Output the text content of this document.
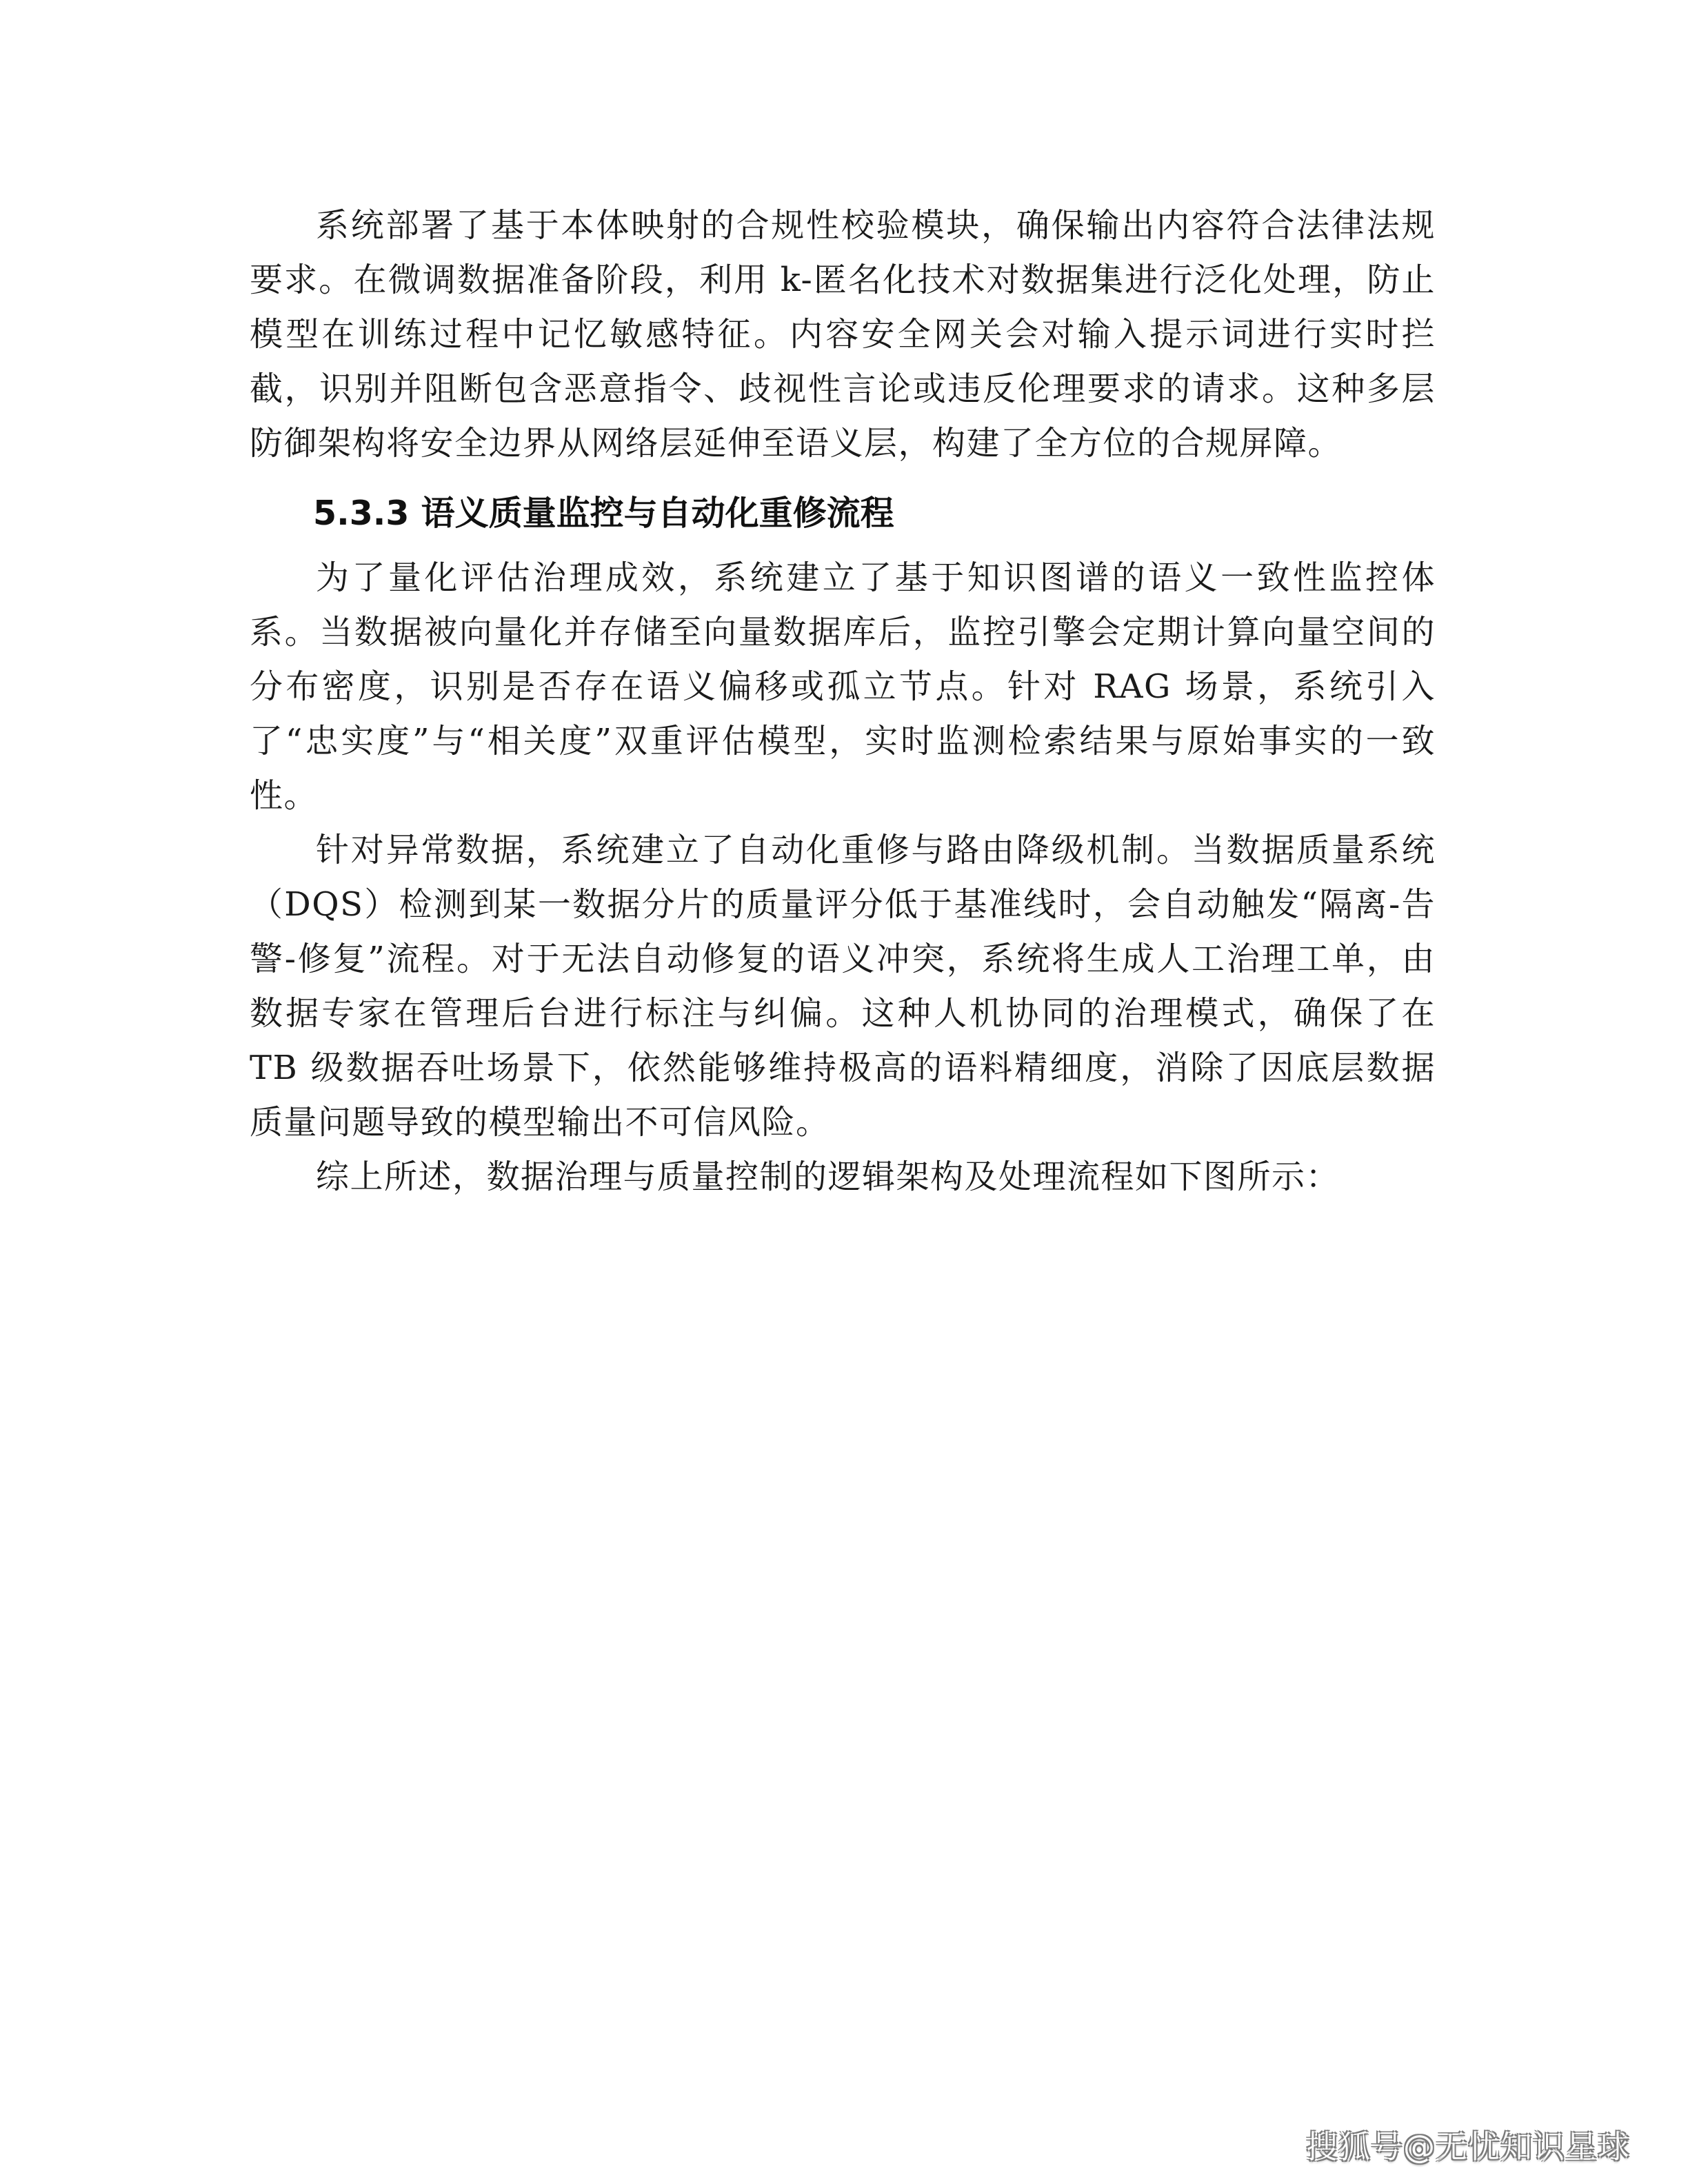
系统部署了基于本体映射的合规性校验模块，确保输出内容符合法律法规要求。在微调数据准备阶段，利用 k-匿名化技术对数据集进行泛化处理，防止模型在训练过程中记忆敏感特征。内容安全网关会对输入提示词进行实时拦截，识别并阻断包含恶意指令、歧视性言论或违反伦理要求的请求。这种多层防御架构将安全边界从网络层延伸至语义层，构建了全方位的合规屏障。

5.3.3 语义质量监控与自动化重修流程

为了量化评估治理成效，系统建立了基于知识图谱的语义一致性监控体系。当数据被向量化并存储至向量数据库后，监控引擎会定期计算向量空间的分布密度，识别是否存在语义偏移或孤立节点。针对 RAG 场景，系统引入了“忠实度”与“相关度”双重评估模型，实时监测检索结果与原始事实的一致性。

针对异常数据，系统建立了自动化重修与路由降级机制。当数据质量系统（DQS）检测到某一数据分片的质量评分低于基准线时，会自动触发“隔离-告警-修复”流程。对于无法自动修复的语义冲突，系统将生成人工治理工单，由数据专家在管理后台进行标注与纠偏。这种人机协同的治理模式，确保了在 TB 级数据吞吐场景下，依然能够维持极高的语料精细度，消除了因底层数据质量问题导致的模型输出不可信风险。

综上所述，数据治理与质量控制的逻辑架构及处理流程如下图所示：

搜狐号@无忧知识星球
